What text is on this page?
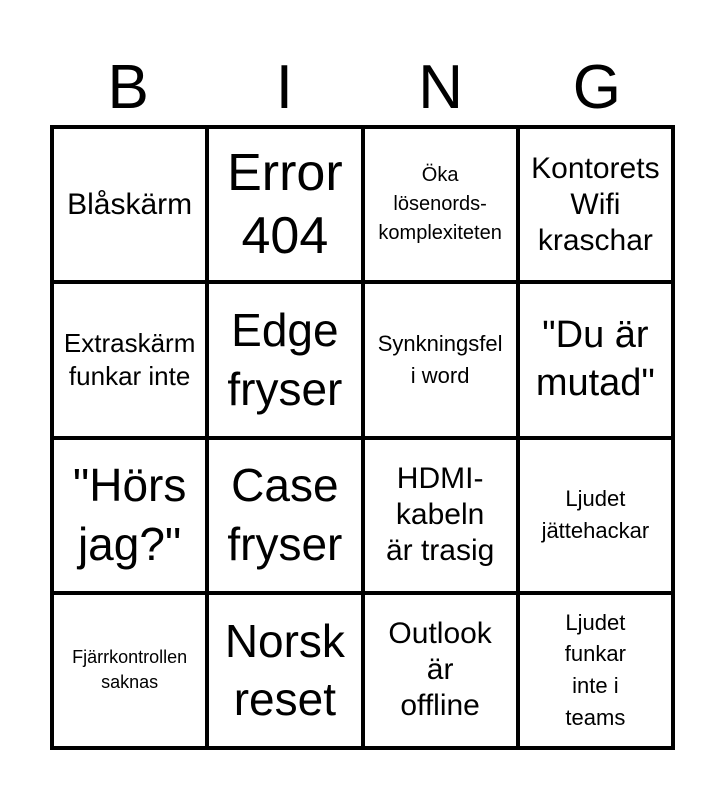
B	I	N	G
Blåskärm
Error
404
Öka
lösenords-
komplexiteten
Kontorets
Wifi
kraschar
Extraskärm
funkar inte
Edge
fryser
Synkningsfel
i word
"Du är
mutad"
"Hörs
jag?"
Case
fryser
HDMI-
kabeln
är trasig
Ljudet
jättehackar
Fjärrkontrollen
saknas
Norsk
reset
Outlook
är
offline
Ljudet
funkar
inte i
teams
